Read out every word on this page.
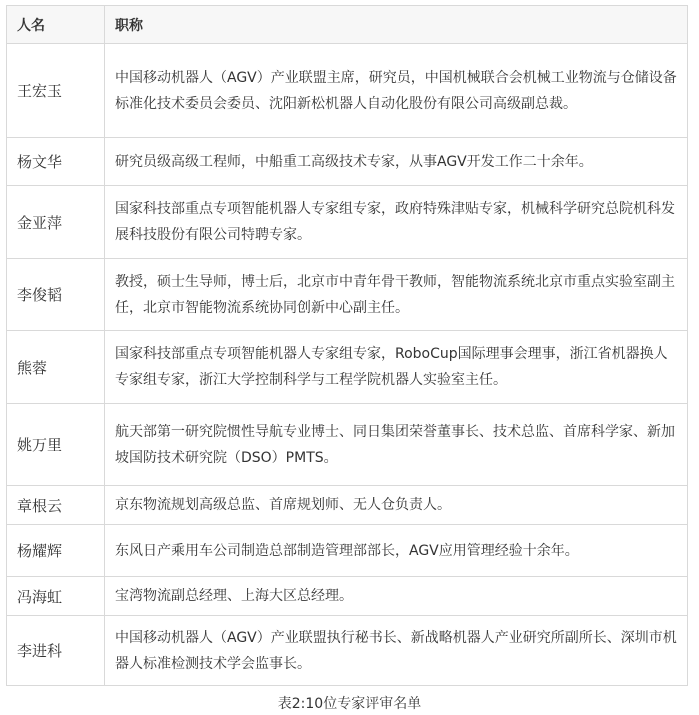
人名	职称
王宏玉	中国移动机器人（AGV）产业联盟主席，研究员，中国机械联合会机械工业物流与仓储设备标准化技术委员会委员、沈阳新松机器人自动化股份有限公司高级副总裁。
杨文华	研究员级高级工程师，中船重工高级技术专家，从事AGV开发工作二十余年。
金亚萍	国家科技部重点专项智能机器人专家组专家，政府特殊津贴专家，机械科学研究总院机科发展科技股份有限公司特聘专家。
李俊韬	教授，硕士生导师，博士后，北京市中青年骨干教师，智能物流系统北京市重点实验室副主任，北京市智能物流系统协同创新中心副主任。
熊蓉	国家科技部重点专项智能机器人专家组专家，RoboCup国际理事会理事，浙江省机器换人专家组专家，浙江大学控制科学与工程学院机器人实验室主任。
姚万里	航天部第一研究院惯性导航专业博士、同日集团荣誉董事长、技术总监、首席科学家、新加坡国防技术研究院（DSO）PMTS。
章根云	京东物流规划高级总监、首席规划师、无人仓负责人。
杨耀辉	东风日产乘用车公司制造总部制造管理部部长，AGV应用管理经验十余年。
冯海虹	宝湾物流副总经理、上海大区总经理。
李进科	中国移动机器人（AGV）产业联盟执行秘书长、新战略机器人产业研究所副所长、深圳市机器人标准检测技术学会监事长。
表2:10位专家评审名单
